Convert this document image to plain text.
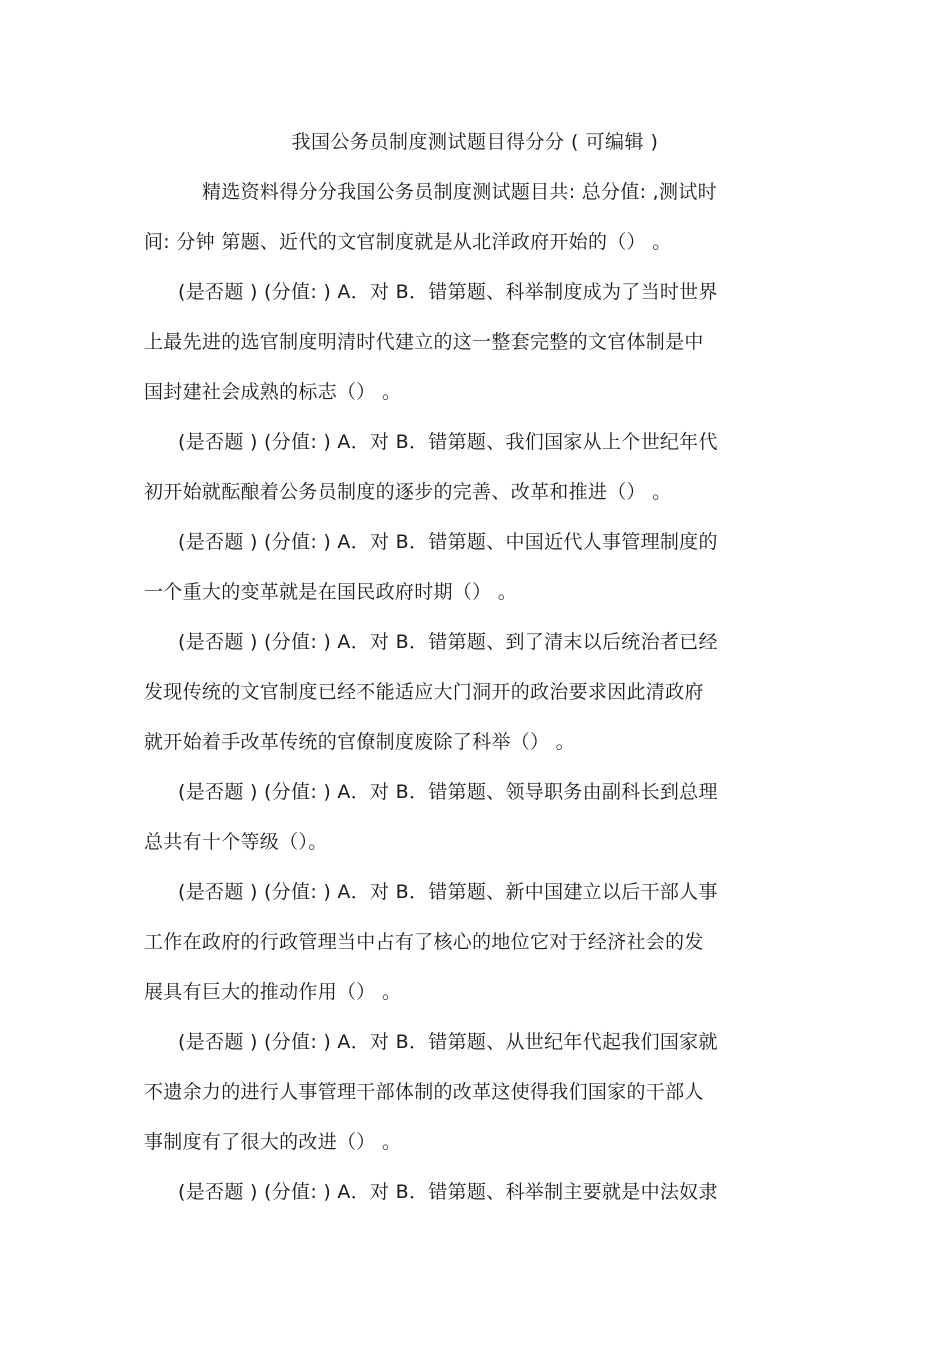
我国公务员制度测试题目得分分 ( 可编辑 )
精选资料得分分我国公务员制度测试题目共: 总分值: ,测试时
间: 分钟 第题、近代的文官制度就是从北洋政府开始的（） 。
(是否题 ) (分值: ) A．对 B．错第题、科举制度成为了当时世界
上最先进的选官制度明清时代建立的这一整套完整的文官体制是中
国封建社会成熟的标志（） 。
(是否题 ) (分值: ) A．对 B．错第题、我们国家从上个世纪年代
初开始就酝酿着公务员制度的逐步的完善、改革和推进（） 。
(是否题 ) (分值: ) A．对 B．错第题、中国近代人事管理制度的
一个重大的变革就是在国民政府时期（） 。
(是否题 ) (分值: ) A．对 B．错第题、到了清末以后统治者已经
发现传统的文官制度已经不能适应大门洞开的政治要求因此清政府
就开始着手改革传统的官僚制度废除了科举（） 。
(是否题 ) (分值: ) A．对 B．错第题、领导职务由副科长到总理
总共有十个等级（）。
(是否题 ) (分值: ) A．对 B．错第题、新中国建立以后干部人事
工作在政府的行政管理当中占有了核心的地位它对于经济社会的发
展具有巨大的推动作用（） 。
(是否题 ) (分值: ) A．对 B．错第题、从世纪年代起我们国家就
不遗余力的进行人事管理干部体制的改革这使得我们国家的干部人
事制度有了很大的改进（） 。
(是否题 ) (分值: ) A．对 B．错第题、科举制主要就是中法奴隶
